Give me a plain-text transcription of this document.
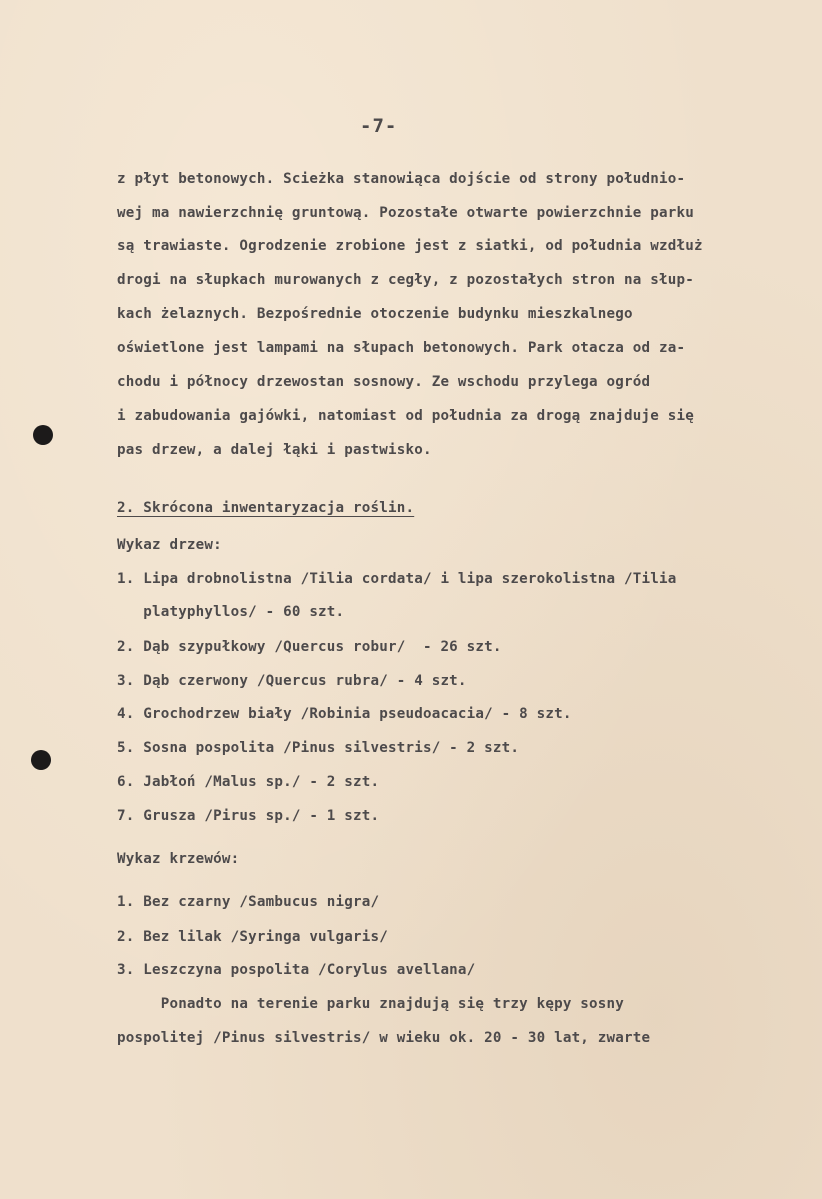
-7-
z płyt betonowych. Scieżka stanowiąca dojście od strony południo-
wej ma nawierzchnię gruntową. Pozostałe otwarte powierzchnie parku
są trawiaste. Ogrodzenie zrobione jest z siatki, od południa wzdłuż
drogi na słupkach murowanych z cegły, z pozostałych stron na słup-
kach żelaznych. Bezpośrednie otoczenie budynku mieszkalnego
oświetlone jest lampami na słupach betonowych. Park otacza od za-
chodu i północy drzewostan sosnowy. Ze wschodu przylega ogród
i zabudowania gajówki, natomiast od południa za drogą znajduje się
pas drzew, a dalej łąki i pastwisko.
2. Skrócona inwentaryzacja roślin.
Wykaz drzew:
1. Lipa drobnolistna /Tilia cordata/ i lipa szerokolistna /Tilia
platyphyllos/ - 60 szt.
2. Dąb szypułkowy /Quercus robur/  - 26 szt.
3. Dąb czerwony /Quercus rubra/ - 4 szt.
4. Grochodrzew biały /Robinia pseudoacacia/ - 8 szt.
5. Sosna pospolita /Pinus silvestris/ - 2 szt.
6. Jabłoń /Malus sp./ - 2 szt.
7. Grusza /Pirus sp./ - 1 szt.
Wykaz krzewów:
1. Bez czarny /Sambucus nigra/
2. Bez lilak /Syringa vulgaris/
3. Leszczyna pospolita /Corylus avellana/
Ponadto na terenie parku znajdują się trzy kępy sosny
pospolitej /Pinus silvestris/ w wieku ok. 20 - 30 lat, zwarte
